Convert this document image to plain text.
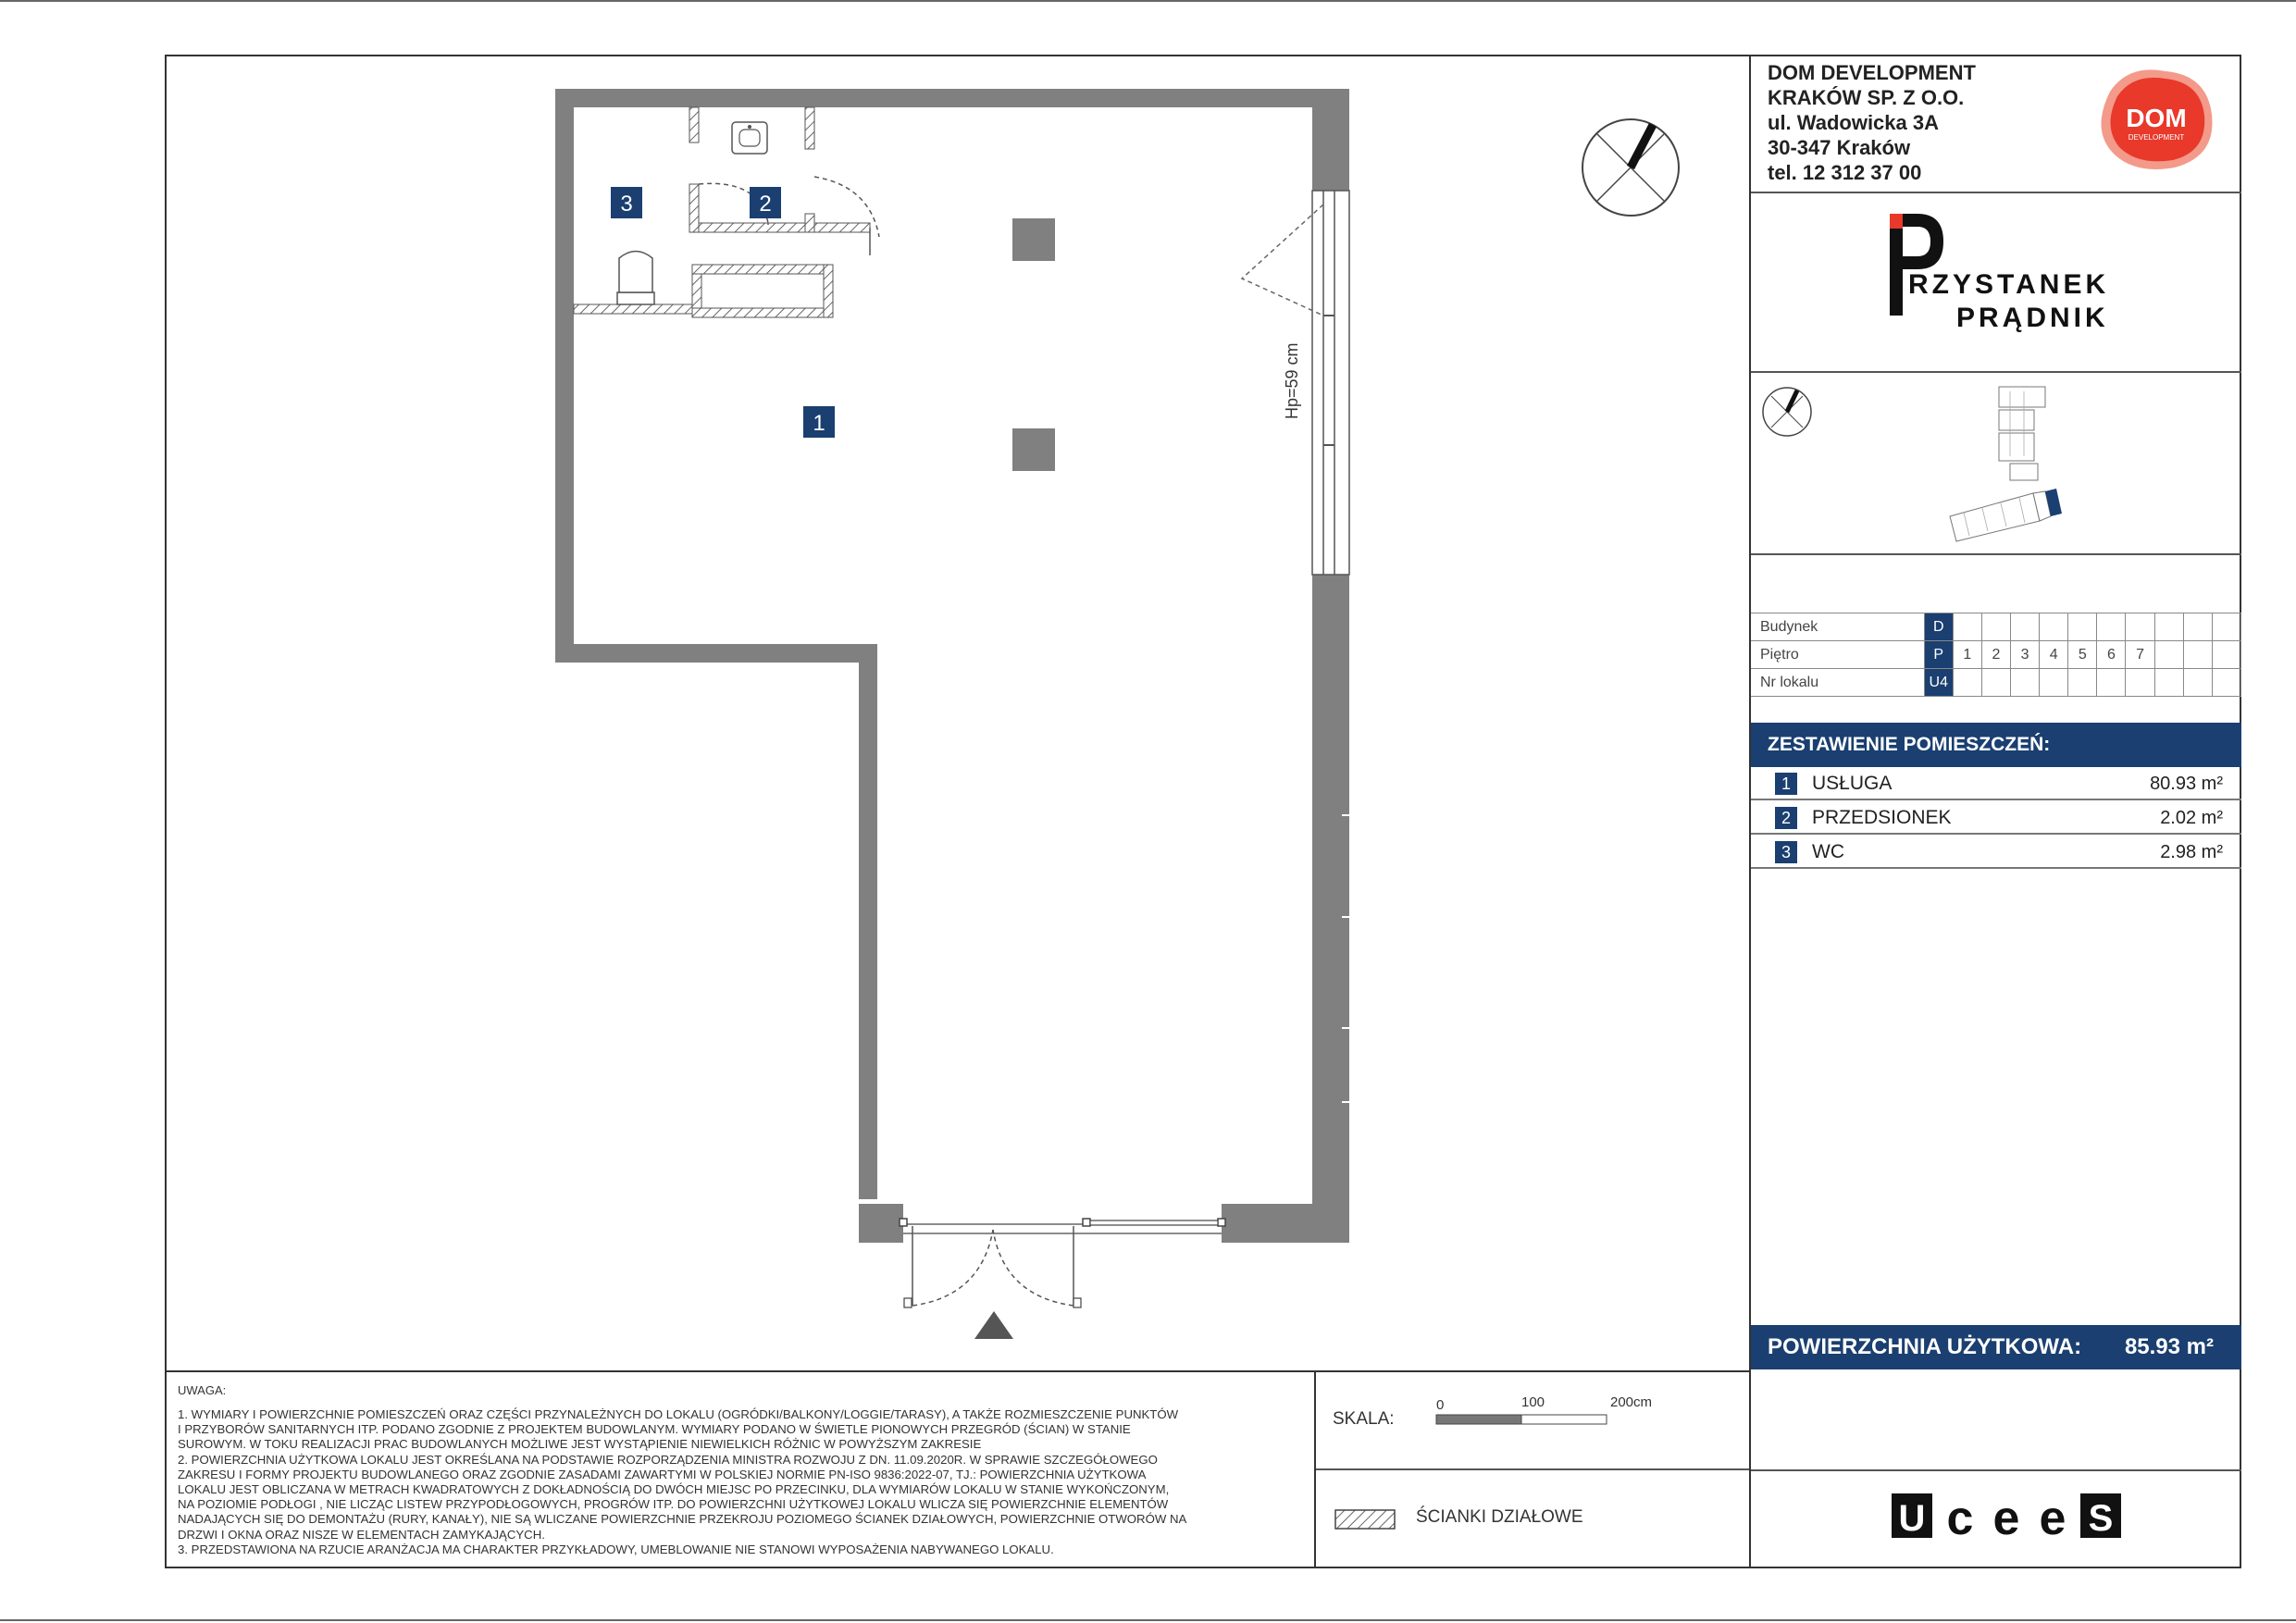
3	2
1
Hp=59 cm
UWAGA:
1. WYMIARY I POWIERZCHNIE POMIESZCZEŃ ORAZ CZĘŚCI PRZYNALEŻNYCH DO LOKALU (OGRÓDKI/BALKONY/LOGGIE/TARASY), A TAKŻE ROZMIESZCZENIE PUNKTÓW
I PRZYBORÓW SANITARNYCH ITP. PODANO ZGODNIE Z PROJEKTEM BUDOWLANYM. WYMIARY PODANO W ŚWIETLE PIONOWYCH PRZEGRÓD (ŚCIAN) W STANIE
SUROWYM. W TOKU REALIZACJI PRAC BUDOWLANYCH MOŻLIWE JEST WYSTĄPIENIE NIEWIELKICH RÓŻNIC W POWYŻSZYM ZAKRESIE
2. POWIERZCHNIA UŻYTKOWA LOKALU JEST OKREŚLANA NA PODSTAWIE ROZPORZĄDZENIA MINISTRA ROZWOJU Z DN. 11.09.2020R. W SPRAWIE SZCZEGÓŁOWEGO
ZAKRESU I FORMY PROJEKTU BUDOWLANEGO ORAZ ZGODNIE ZASADAMI ZAWARTYMI W POLSKIEJ NORMIE PN-ISO 9836:2022-07, TJ.: POWIERZCHNIA UŻYTKOWA
LOKALU JEST OBLICZANA W METRACH KWADRATOWYCH Z DOKŁADNOŚCIĄ DO DWÓCH MIEJSC PO PRZECINKU, DLA WYMIARÓW LOKALU W STANIE WYKOŃCZONYM,
NA POZIOMIE PODŁOGI , NIE LICZĄC LISTEW PRZYPODŁOGOWYCH, PROGRÓW ITP. DO POWIERZCHNI UŻYTKOWEJ LOKALU WLICZA SIĘ POWIERZCHNIE ELEMENTÓW
NADAJĄCYCH SIĘ DO DEMONTAŻU (RURY, KANAŁY), NIE SĄ WLICZANE POWIERZCHNIE PRZEKROJU POZIOMEGO ŚCIANEK DZIAŁOWYCH, POWIERZCHNIE OTWORÓW NA
DRZWI I OKNA ORAZ NISZE W ELEMENTACH ZAMYKAJĄCYCH.
3. PRZEDSTAWIONA NA RZUCIE ARANŻACJA MA CHARAKTER PRZYKŁADOWY, UMEBLOWANIE NIE STANOWI WYPOSAŻENIA NABYWANEGO LOKALU.
SKALA:
0	100	200cm
ŚCIANKI DZIAŁOWE
DOM DEVELOPMENT
KRAKÓW SP. Z O.O.
ul. Wadowicka 3A
30-347 Kraków
tel. 12 312 37 00
DOM
DEVELOPMENT
RZYSTANEK
PRĄDNIK
Budynek	D										
Piętro	P	1	2	3	4	5	6	7			
Nr lokalu	U4										
ZESTAWIENIE POMIESZCZEŃ:
1	USŁUGA	80.93 m²
2	PRZEDSIONEK	2.02 m²
3	WC	2.98 m²
POWIERZCHNIA UŻYTKOWA: 85.93 m²
U c e e S
